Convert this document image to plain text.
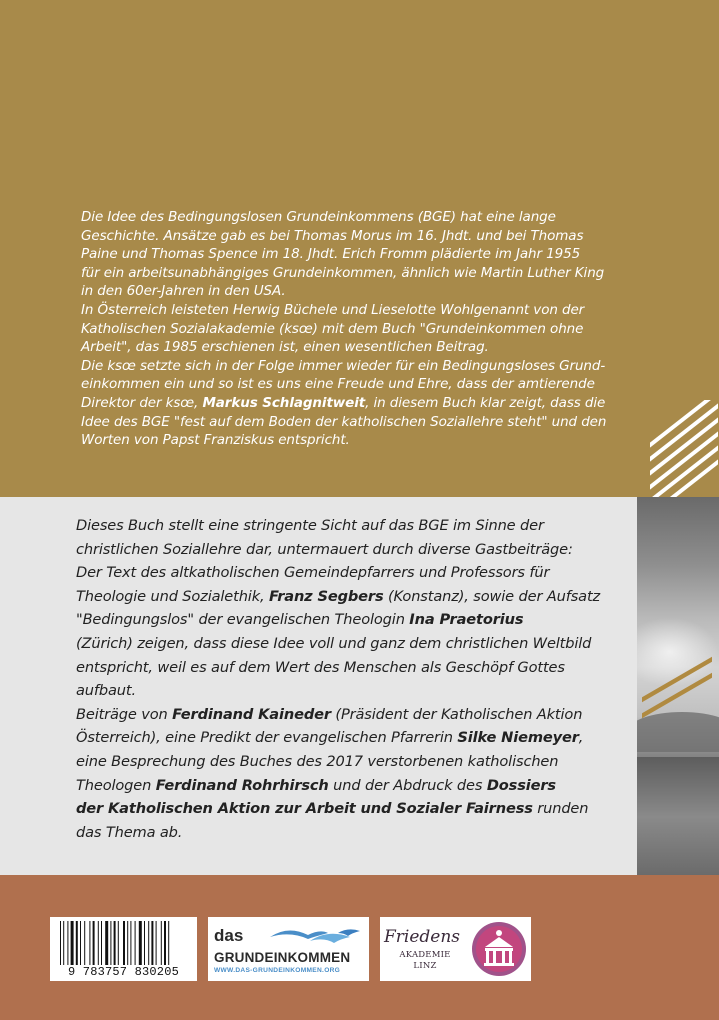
Die Idee des Bedingungslosen Grundeinkommens (BGE) hat eine lange

Geschichte. Ansätze gab es bei Thomas Morus im 16. Jhdt. und bei Thomas

Paine und Thomas Spence im 18. Jhdt. Erich Fromm plädierte im Jahr 1955

für ein arbeitsunabhängiges Grundeinkommen, ähnlich wie Martin Luther King

in den 60er-Jahren in den USA.

In Österreich leisteten Herwig Büchele und Lieselotte Wohlgenannt von der

Katholischen Sozialakademie (ksœ) mit dem Buch "Grundeinkommen ohne

Arbeit", das 1985 erschienen ist, einen wesentlichen Beitrag.

Die ksœ setzte sich in der Folge immer wieder für ein Bedingungsloses Grund-

einkommen ein und so ist es uns eine Freude und Ehre, dass der amtierende

Direktor der ksœ, Markus Schlagnitweit, in diesem Buch klar zeigt, dass die

Idee des BGE "fest auf dem Boden der katholischen Soziallehre steht" und den

Worten von Papst Franziskus entspricht.

Dieses Buch stellt eine stringente Sicht auf das BGE im Sinne der

christlichen Soziallehre dar, untermauert durch diverse Gastbeiträge:

Der Text des altkatholischen Gemeindepfarrers und Professors für

Theologie und Sozialethik, Franz Segbers (Konstanz), sowie der Aufsatz

"Bedingungslos" der evangelischen Theologin Ina Praetorius

(Zürich) zeigen, dass diese Idee voll und ganz dem christlichen Weltbild

entspricht, weil es auf dem Wert des Menschen als Geschöpf Gottes

aufbaut.

Beiträge von Ferdinand Kaineder (Präsident der Katholischen Aktion

Österreich), eine Predikt der evangelischen Pfarrerin Silke Niemeyer,

eine Besprechung des Buches des 2017 verstorbenen katholischen

Theologen Ferdinand Rohrhirsch und der Abdruck des Dossiers

der Katholischen Aktion zur Arbeit und Sozialer Fairness runden

das Thema ab.

9 783757 830205
das
GRUNDEINKOMMEN
WWW.DAS-GRUNDEINKOMMEN.ORG
Friedens
AKADEMIE
LINZ
